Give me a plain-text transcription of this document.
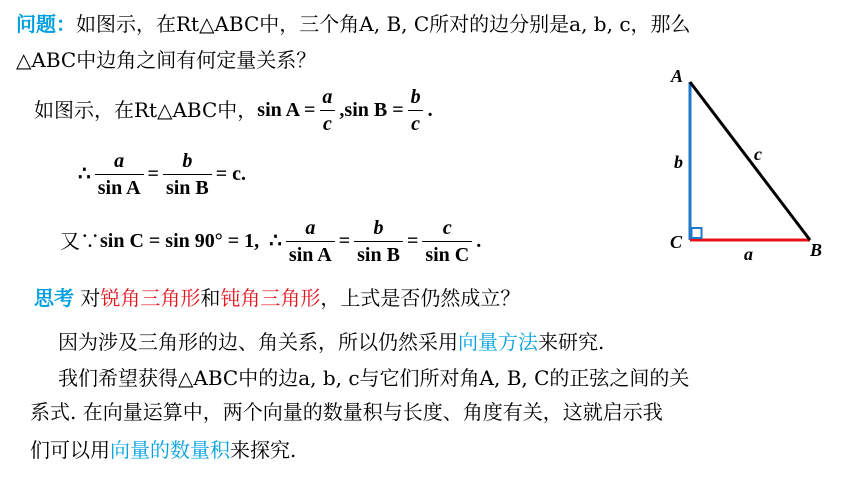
问题：如图示，在Rt△ABC中，三个角A, B, C所对的边分别是a, b, c，那么
△ABC中边角之间有何定量关系？
如图示，在Rt△ABC中， $\sin A = \frac{a}{c} ,\sin$ $B = \frac{b}{c}$ .
∴ $\frac{a}{\text{sin A}} = \frac{b}{\text{sin B}} = c$.
又∵ sin C = sin 90° = 1, ∴ $\frac{a}{\text{sin A}} = \frac{b}{\text{sin B}} = \frac{c}{\text{sin C}}$ .
思考 对锐角三角形和钝角三角形，上式是否仍然成立？
因为涉及三角形的边、角关系，所以仍然采用向量方法来研究.
我们希望获得△ABC中的边a, b, c与它们所对角A, B, C的正弦之间的关
系式. 在向量运算中，两个向量的数量积与长度、角度有关，这就启示我
们可以用向量的数量积来探究.
A
B
C
a
b	c
